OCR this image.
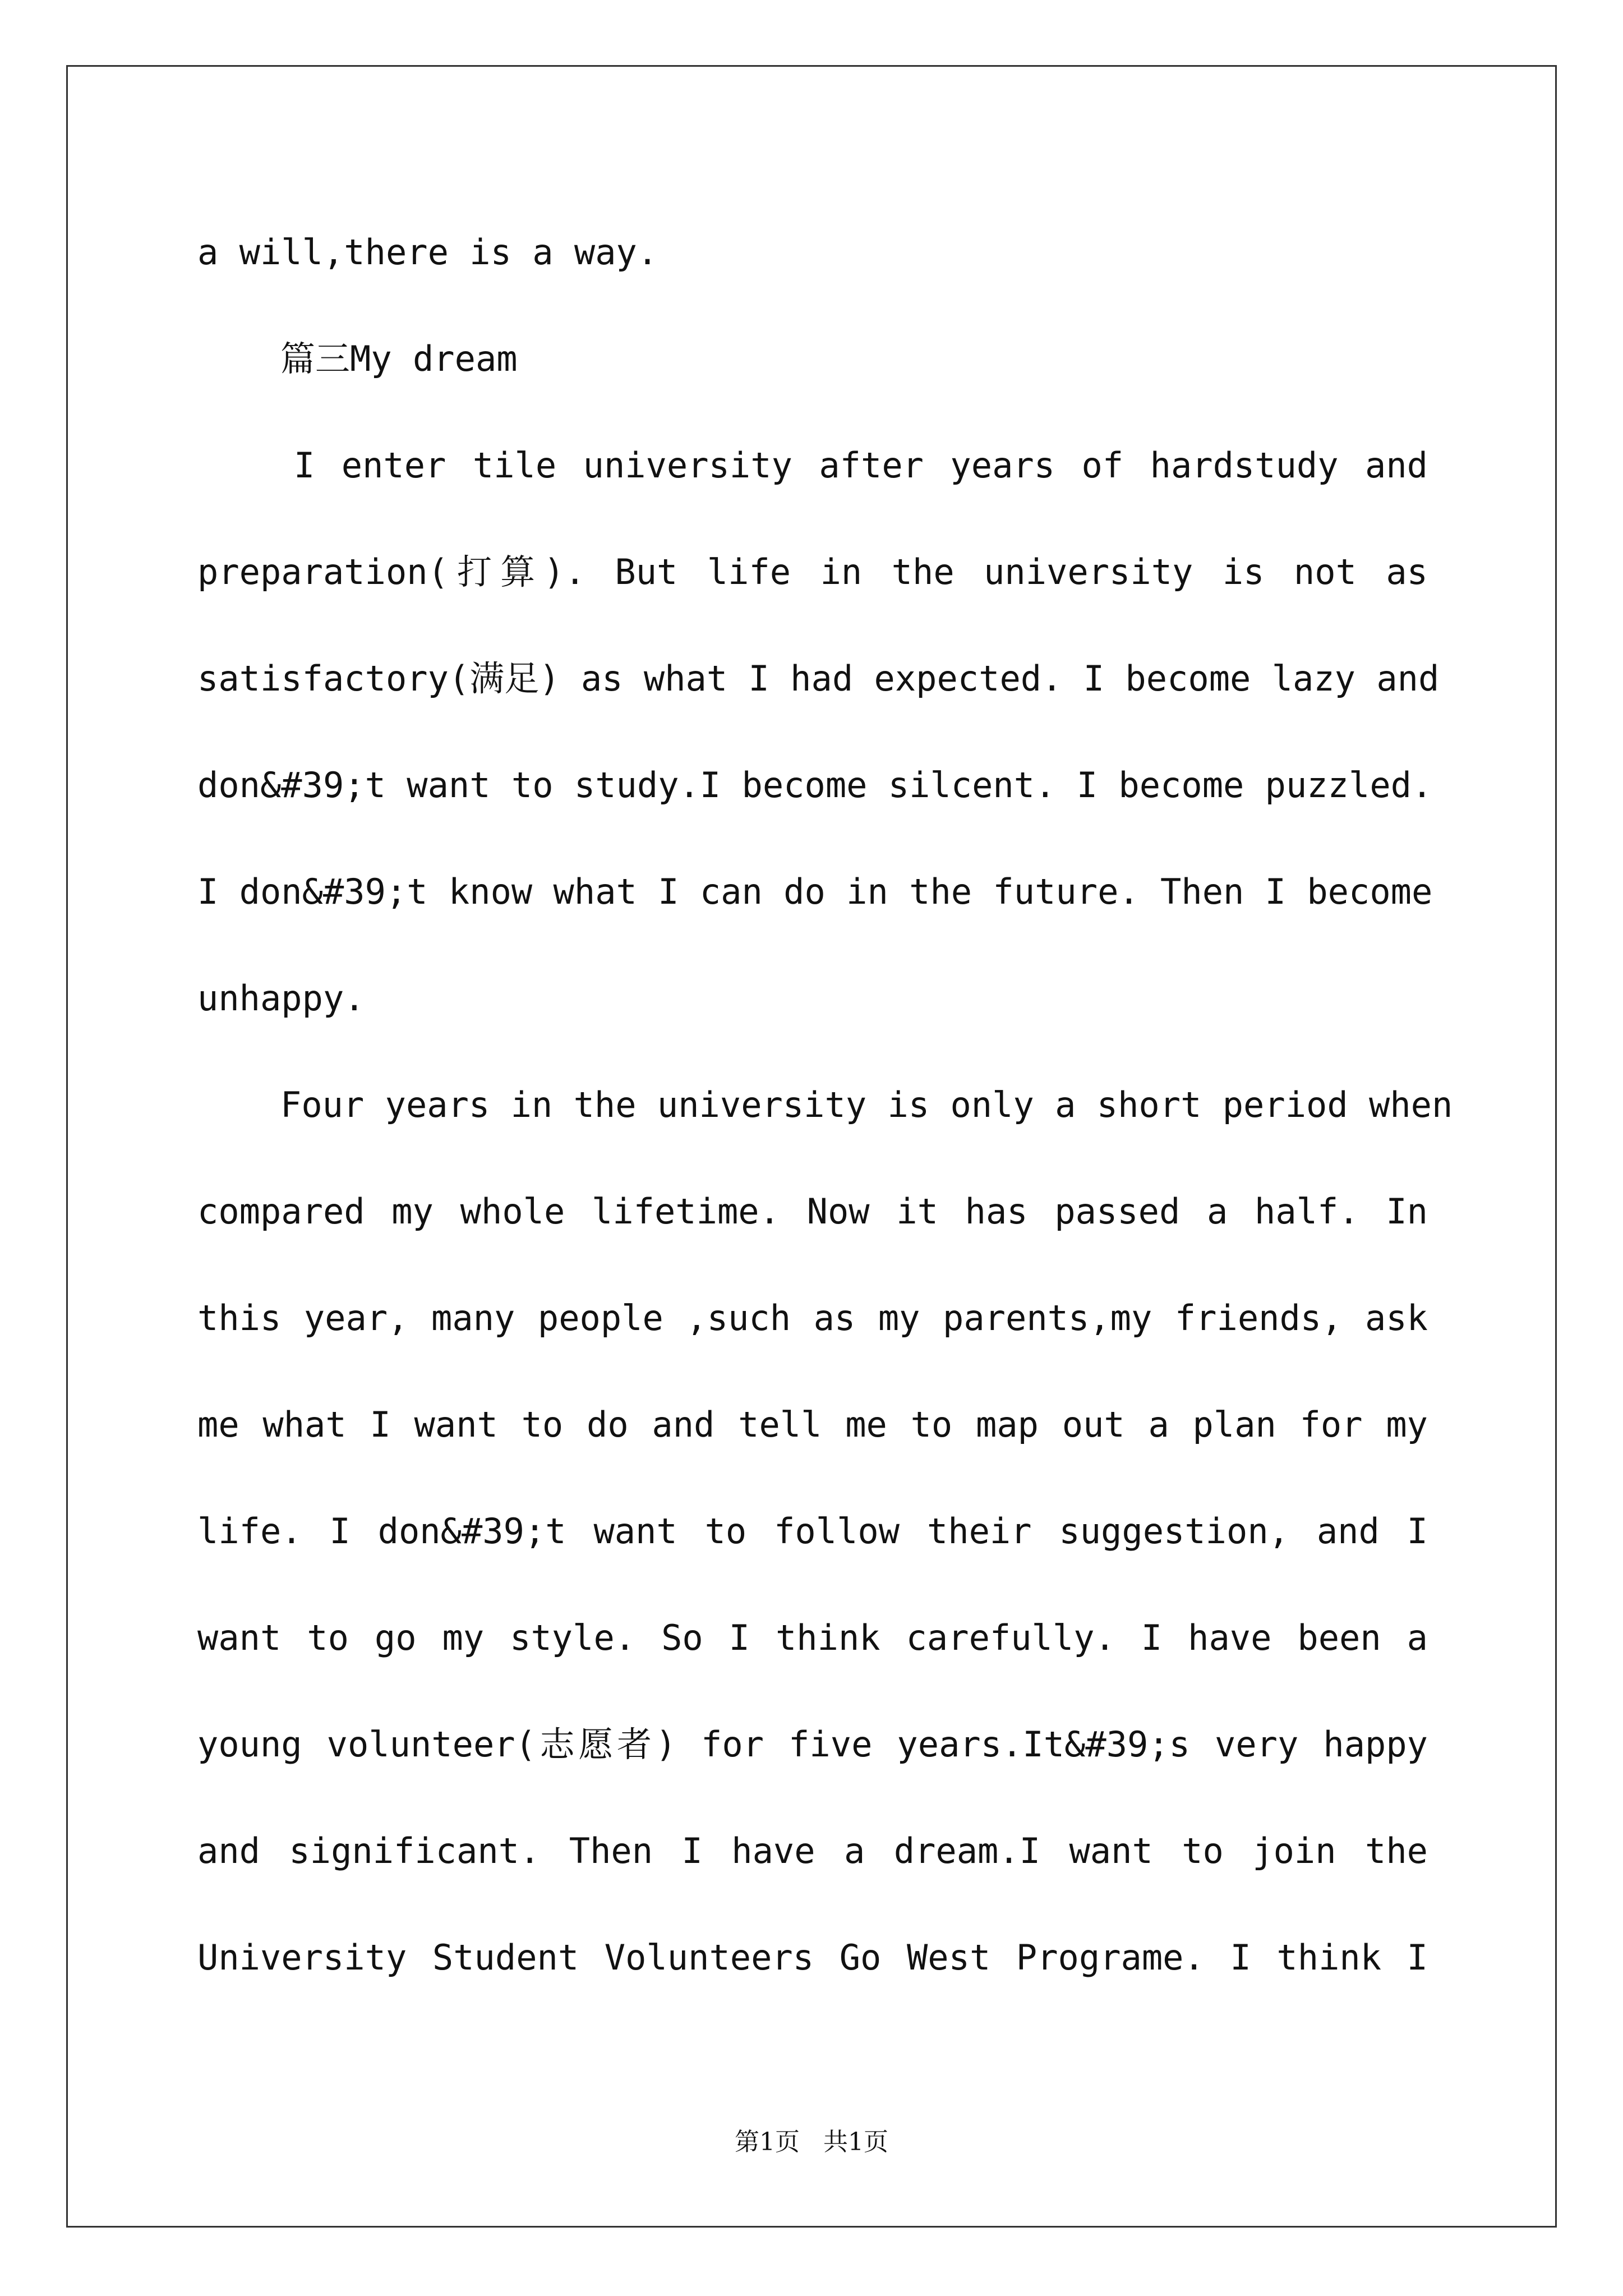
a will,there is a way.
篇三My dream
I enter tile university after years of hardstudy and
preparation(打算). But life in the university is not as
satisfactory(满足) as what I had expected. I become lazy and
don&#39;t want to study.I become silcent. I become puzzled.
I don&#39;t know what I can do in the future. Then I become
unhappy.
Four years in the university is only a short period when
compared my whole lifetime. Now it has passed a half. In
this year, many people ,such as my parents,my friends, ask
me what I want to do and tell me to map out a plan for my
life. I don&#39;t want to follow their suggestion, and I
want to go my style. So I think carefully. I have been a
young volunteer(志愿者) for five years.It&#39;s very happy
and significant. Then I have a dream.I want to join the
University Student Volunteers Go West Programe. I think I
第1页 共1页
